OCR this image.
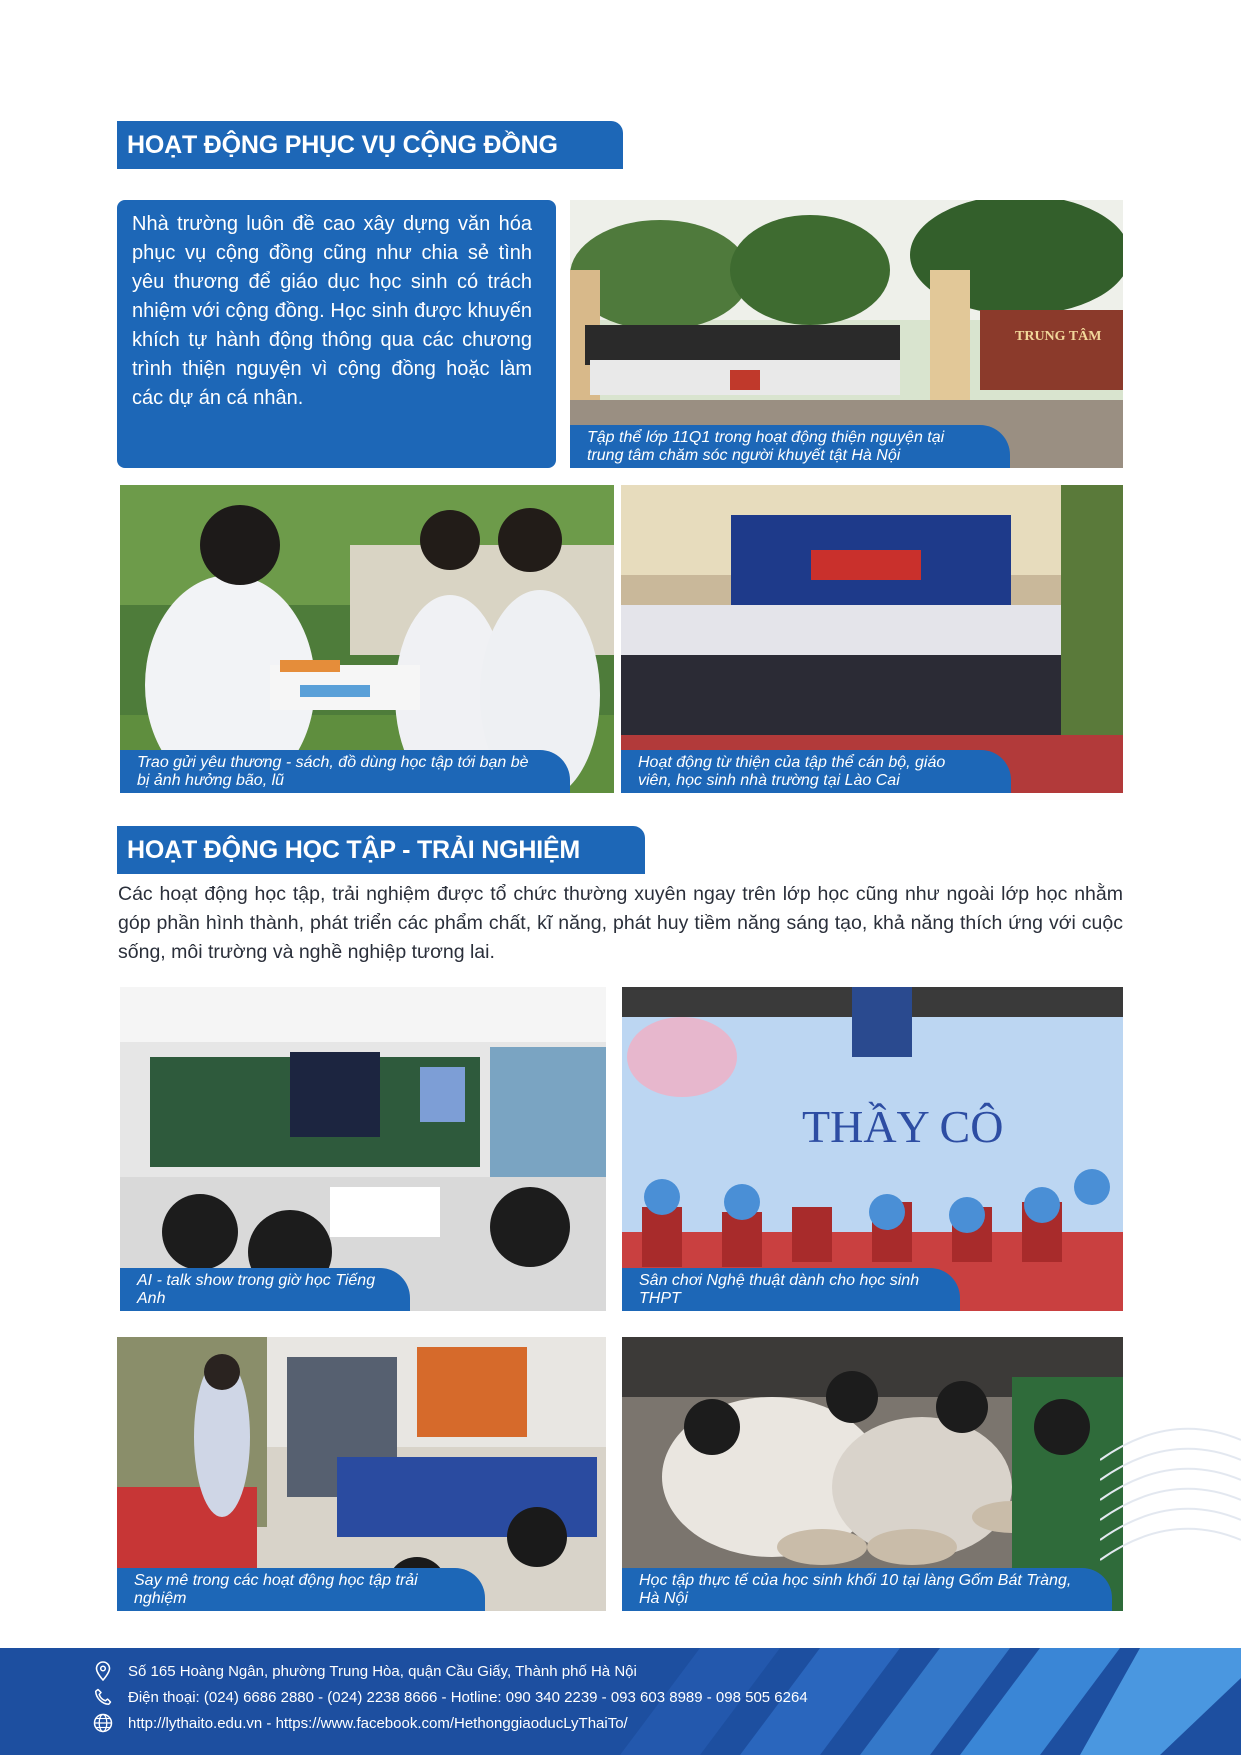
HOẠT ĐỘNG PHỤC VỤ CỘNG ĐỒNG
Nhà trường luôn đề cao xây dựng văn hóa phục vụ cộng đồng cũng như chia sẻ tình yêu thương để giáo dục học sinh có trách nhiệm với cộng đồng. Học sinh được khuyến khích tự hành động thông qua các chương trình thiện nguyện vì cộng đồng hoặc làm các dự án cá nhân.
TRUNG TÂM
Tập thể lớp 11Q1 trong hoạt động thiện nguyện tại trung tâm chăm sóc người khuyết tật Hà Nội
Trao gửi yêu thương - sách, đồ dùng học tập tới bạn bè bị ảnh hưởng bão, lũ
Hoạt động từ thiện của tập thể cán bộ, giáo viên, học sinh nhà trường tại Lào Cai
HOẠT ĐỘNG HỌC TẬP - TRẢI NGHIỆM
Các hoạt động học tập, trải nghiệm được tổ chức thường xuyên ngay trên lớp học cũng như ngoài lớp học nhằm góp phần hình thành, phát triển các phẩm chất, kĩ năng, phát huy tiềm năng sáng tạo, khả năng thích ứng với cuộc sống, môi trường và nghề nghiệp tương lai.
AI - talk show trong giờ học Tiếng Anh
THẦY CÔ
Sân chơi Nghệ thuật dành cho học sinh THPT
Say mê trong các hoạt động học tập trải nghiệm
Học tập thực tế của học sinh khối 10 tại làng Gốm Bát Tràng, Hà Nội
Số 165 Hoàng Ngân, phường Trung Hòa, quận Cầu Giấy, Thành phố Hà Nội
Điện thoại: (024) 6686 2880 - (024) 2238 8666 - Hotline: 090 340 2239 - 093 603 8989 - 098 505 6264
http://lythaito.edu.vn - https://www.facebook.com/HethonggiaoducLyThaiTo/
